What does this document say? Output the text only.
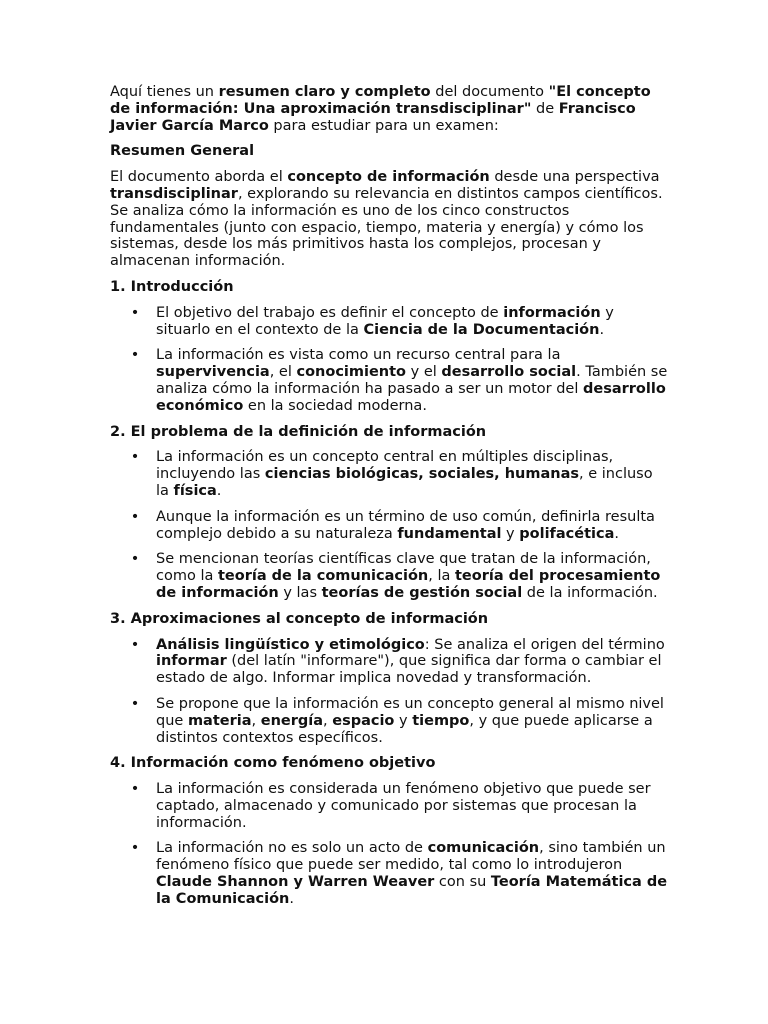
Aquí tienes un resumen claro y completo del documento "El concepto de información: Una aproximación transdisciplinar" de Francisco Javier García Marco para estudiar para un examen:

Resumen General

El documento aborda el concepto de información desde una perspectiva transdisciplinar, explorando su relevancia en distintos campos científicos. Se analiza cómo la información es uno de los cinco constructos fundamentales (junto con espacio, tiempo, materia y energía) y cómo los sistemas, desde los más primitivos hasta los complejos, procesan y almacenan información.

1. Introducción

• El objetivo del trabajo es definir el concepto de información y situarlo en el contexto de la Ciencia de la Documentación.
• La información es vista como un recurso central para la supervivencia, el conocimiento y el desarrollo social. También se analiza cómo la información ha pasado a ser un motor del desarrollo económico en la sociedad moderna.

2. El problema de la definición de información

• La información es un concepto central en múltiples disciplinas, incluyendo las ciencias biológicas, sociales, humanas, e incluso la física.
• Aunque la información es un término de uso común, definirla resulta complejo debido a su naturaleza fundamental y polifacética.
• Se mencionan teorías científicas clave que tratan de la información, como la teoría de la comunicación, la teoría del procesamiento de información y las teorías de gestión social de la información.

3. Aproximaciones al concepto de información

• Análisis lingüístico y etimológico: Se analiza el origen del término informar (del latín "informare"), que significa dar forma o cambiar el estado de algo. Informar implica novedad y transformación.
• Se propone que la información es un concepto general al mismo nivel que materia, energía, espacio y tiempo, y que puede aplicarse a distintos contextos específicos.

4. Información como fenómeno objetivo

• La información es considerada un fenómeno objetivo que puede ser captado, almacenado y comunicado por sistemas que procesan la información.
• La información no es solo un acto de comunicación, sino también un fenómeno físico que puede ser medido, tal como lo introdujeron Claude Shannon y Warren Weaver con su Teoría Matemática de la Comunicación.
